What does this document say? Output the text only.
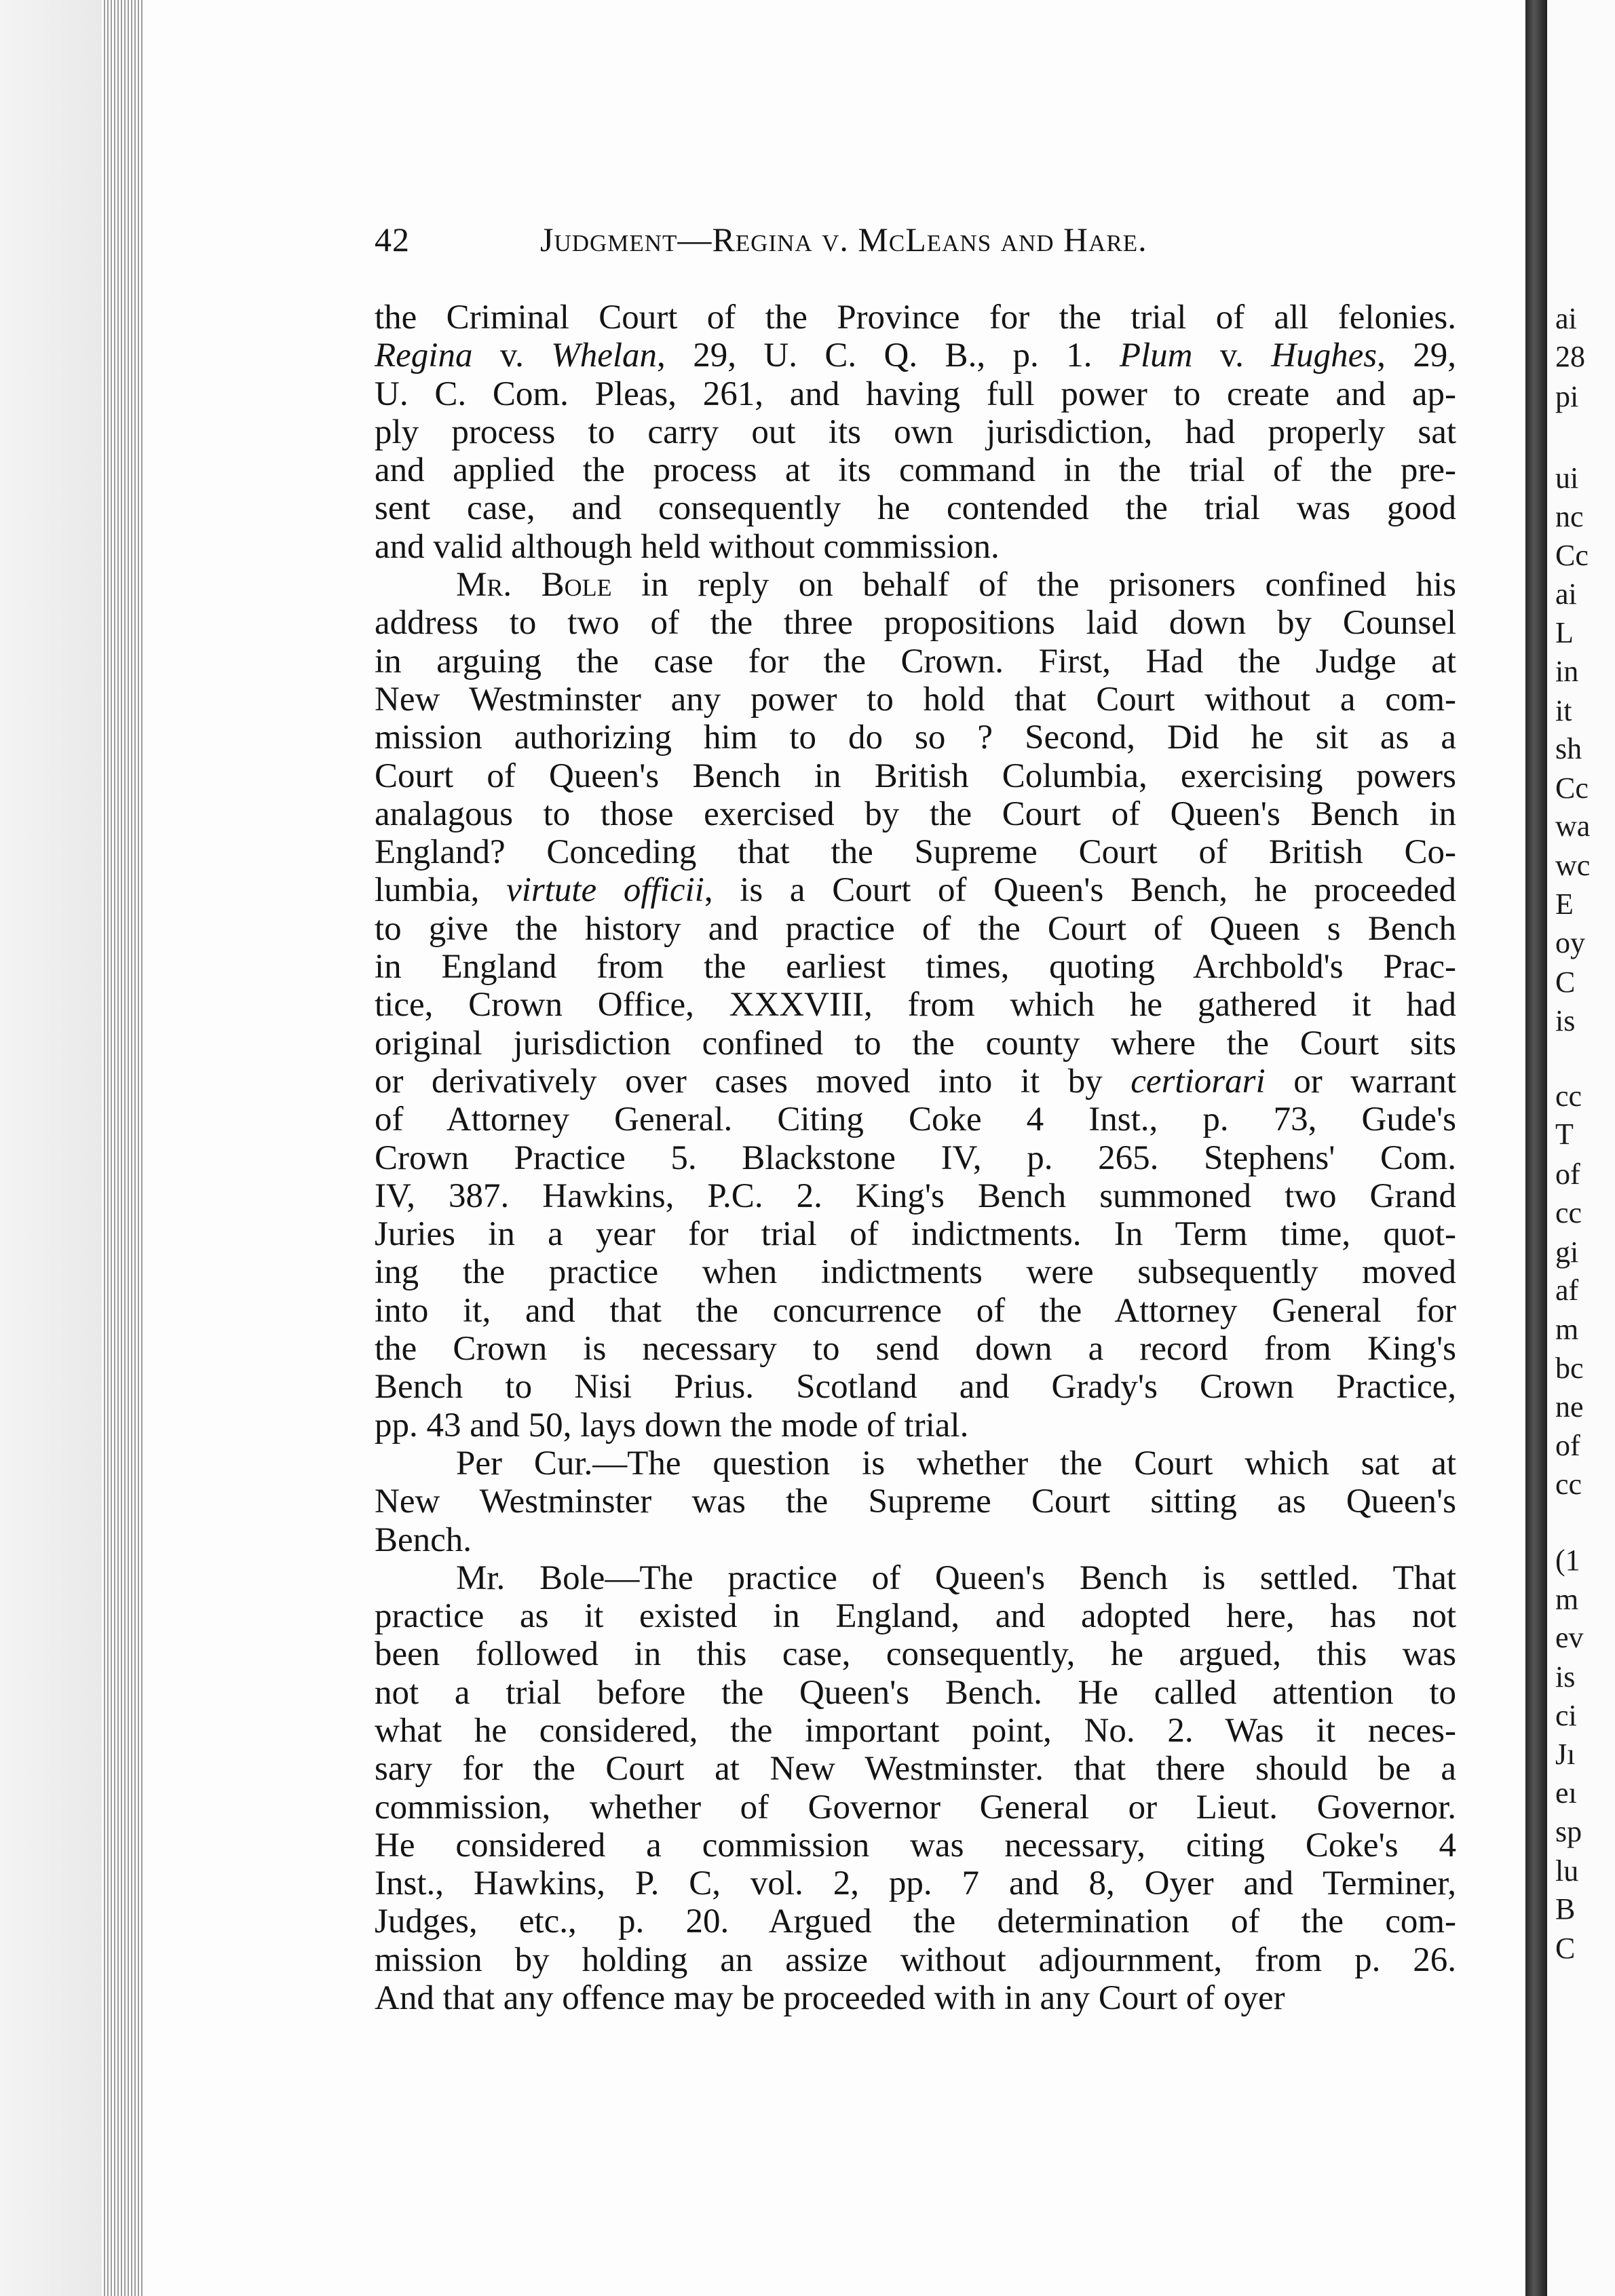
42	Judgment—Regina v. McLeans and Hare.
the Criminal Court of the Province for the trial of all felonies.
Regina v. Whelan, 29, U. C. Q. B., p. 1. Plum v. Hughes, 29,
U. C. Com. Pleas, 261, and having full power to create and ap-
ply process to carry out its own jurisdiction, had properly sat
and applied the process at its command in the trial of the pre-
sent case, and consequently he contended the trial was good
and valid although held without commission.
Mr. Bole in reply on behalf of the prisoners confined his
address to two of the three propositions laid down by Counsel
in arguing the case for the Crown. First, Had the Judge at
New Westminster any power to hold that Court without a com-
mission authorizing him to do so ? Second, Did he sit as a
Court of Queen's Bench in British Columbia, exercising powers
analagous to those exercised by the Court of Queen's Bench in
England? Conceding that the Supreme Court of British Co-
lumbia, virtute officii, is a Court of Queen's Bench, he proceeded
to give the history and practice of the Court of Queen s Bench
in England from the earliest times, quoting Archbold's Prac-
tice, Crown Office, XXXVIII, from which he gathered it had
original jurisdiction confined to the county where the Court sits
or derivatively over cases moved into it by certiorari or warrant
of Attorney General. Citing Coke 4 Inst., p. 73, Gude's
Crown Practice 5. Blackstone IV, p. 265. Stephens' Com.
IV, 387. Hawkins, P.C. 2. King's Bench summoned two Grand
Juries in a year for trial of indictments. In Term time, quot-
ing the practice when indictments were subsequently moved
into it, and that the concurrence of the Attorney General for
the Crown is necessary to send down a record from King's
Bench to Nisi Prius. Scotland and Grady's Crown Practice,
pp. 43 and 50, lays down the mode of trial.
Per Cur.—The question is whether the Court which sat at
New Westminster was the Supreme Court sitting as Queen's
Bench.
Mr. Bole—The practice of Queen's Bench is settled. That
practice as it existed in England, and adopted here, has not
been followed in this case, consequently, he argued, this was
not a trial before the Queen's Bench. He called attention to
what he considered, the important point, No. 2. Was it neces-
sary for the Court at New Westminster. that there should be a
commission, whether of Governor General or Lieut. Governor.
He considered a commission was necessary, citing Coke's 4
Inst., Hawkins, P. C, vol. 2, pp. 7 and 8, Oyer and Terminer,
Judges, etc., p. 20. Argued the determination of the com-
mission by holding an assize without adjournment, from p. 26.
And that any offence may be proceeded with in any Court of oyer
ai
28
pi
ui
nc
Cc
ai
L
in
it
sh
Cc
wa
wc
E
oy
C
is
cc
T
of
cc
gi
af
m
bc
ne
of
cc
(1
m
ev
is
ci
Jı
eı
sp
lu
B
C
